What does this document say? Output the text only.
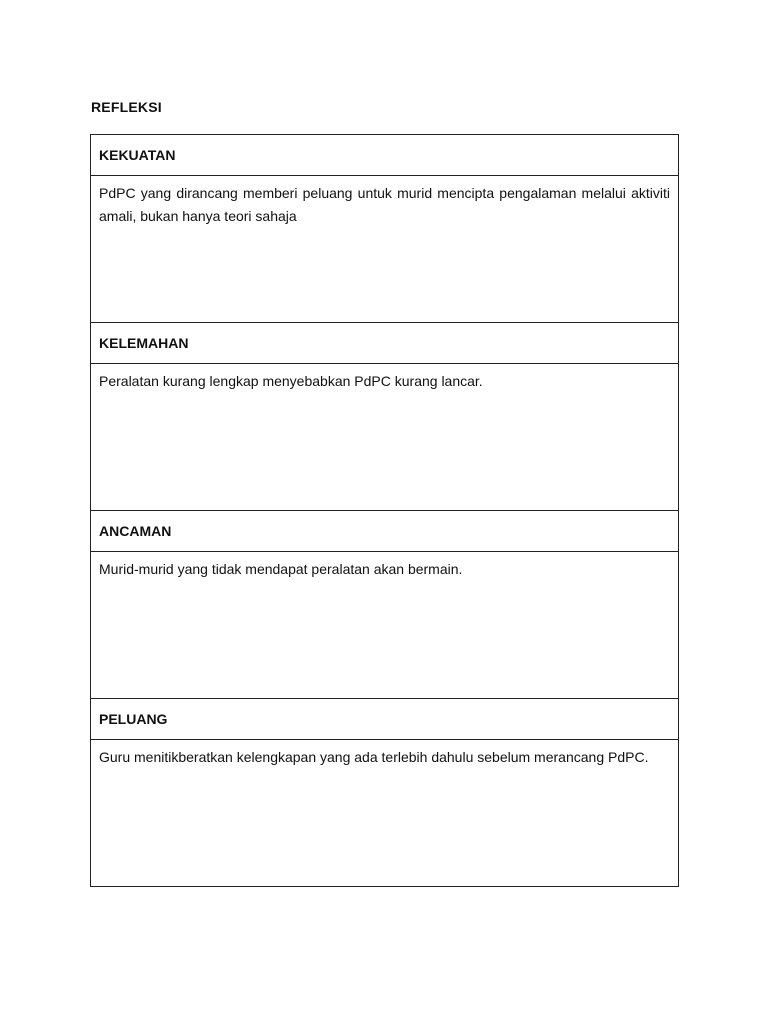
REFLEKSI
KEKUATAN
PdPC yang dirancang memberi peluang untuk murid mencipta pengalaman melalui aktiviti amali, bukan hanya teori sahaja
KELEMAHAN
Peralatan kurang lengkap menyebabkan PdPC kurang lancar.
ANCAMAN
Murid-murid yang tidak mendapat peralatan akan bermain.
PELUANG
Guru menitikberatkan kelengkapan yang ada terlebih dahulu sebelum merancang PdPC.
